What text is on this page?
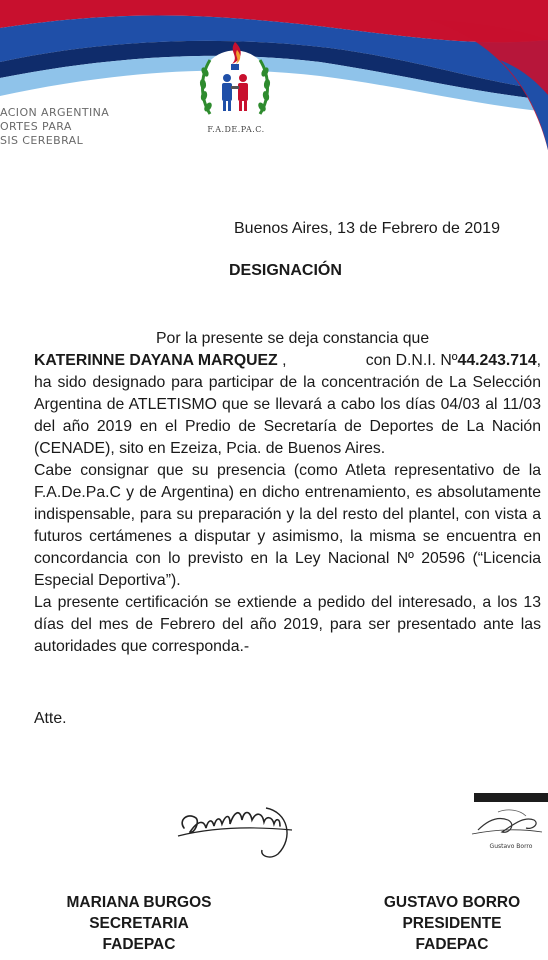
ACION ARGENTINA
ORTES PARA
SIS CEREBRAL
F.A.DE.PA.C.
Buenos Aires, 13 de Febrero de 2019
DESIGNACIÓN

Por la presente se deja constancia que

KATERINNE DAYANA MARQUEZ ,	con D.N.I. Nº44.243.714,

ha sido designado para participar de la concentración de La Selección Argentina de ATLETISMO que se llevará a cabo los días 04/03 al 11/03 del año 2019 en el Predio de Secretaría de Deportes de La Nación (CENADE), sito en Ezeiza, Pcia. de Buenos Aires.

Cabe consignar que su presencia (como Atleta representativo de la F.A.De.Pa.C y de Argentina) en dicho entrenamiento, es absolutamente indispensable, para su preparación y la del resto del plantel, con vista a futuros certámenes a disputar y asimismo, la misma se encuentra en concordancia con lo previsto en la Ley Nacional Nº 20596 (“Licencia Especial Deportiva”).

La presente certificación se extiende a pedido del interesado, a los 13 días del mes de Febrero del año 2019, para ser presentado ante las autoridades que corresponda.-

Atte.
Gustavo Borro
MARIANA BURGOS
SECRETARIA
FADEPAC
GUSTAVO BORRO
PRESIDENTE
FADEPAC
